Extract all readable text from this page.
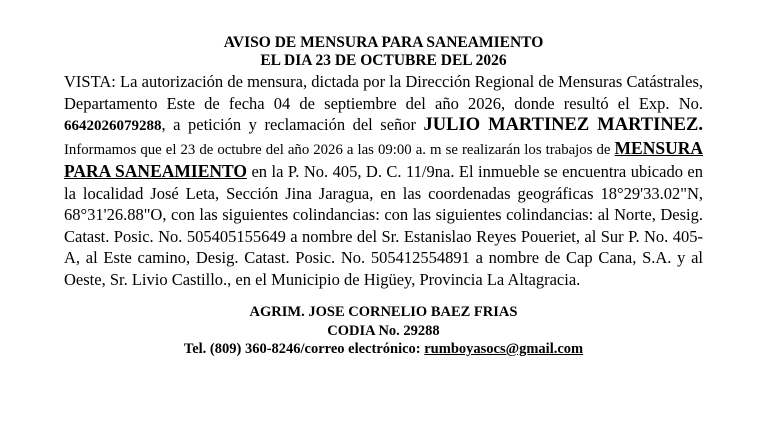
AVISO DE MENSURA PARA SANEAMIENTO
EL DIA 23 DE OCTUBRE DEL 2026

VISTA: La autorización de mensura, dictada por la Dirección Regional de Mensuras Catástrales, Departamento Este de fecha 04 de septiembre del año 2026, donde resultó el Exp. No. 6642026079288, a petición y reclamación del señor JULIO MARTINEZ MARTINEZ. Informamos que el 23 de octubre del año 2026 a las 09:00 a. m se realizarán los trabajos de MENSURA PARA SANEAMIENTO en la P. No. 405, D. C. 11/9na. El inmueble se encuentra ubicado en la localidad José Leta, Sección Jina Jaragua, en las coordenadas geográficas 18°29'33.02"N, 68°31'26.88"O, con las siguientes colindancias: con las siguientes colindancias: al Norte, Desig. Catast. Posic. No. 505405155649 a nombre del Sr. Estanislao Reyes Poueriet, al Sur P. No. 405-A, al Este camino, Desig. Catast. Posic. No. 505412554891 a nombre de Cap Cana, S.A. y al Oeste, Sr. Livio Castillo., en el Municipio de Higüey, Provincia La Altagracia.

AGRIM. JOSE CORNELIO BAEZ FRIAS
CODIA No. 29288
Tel. (809) 360-8246/correo electrónico: rumboyasocs@gmail.com
